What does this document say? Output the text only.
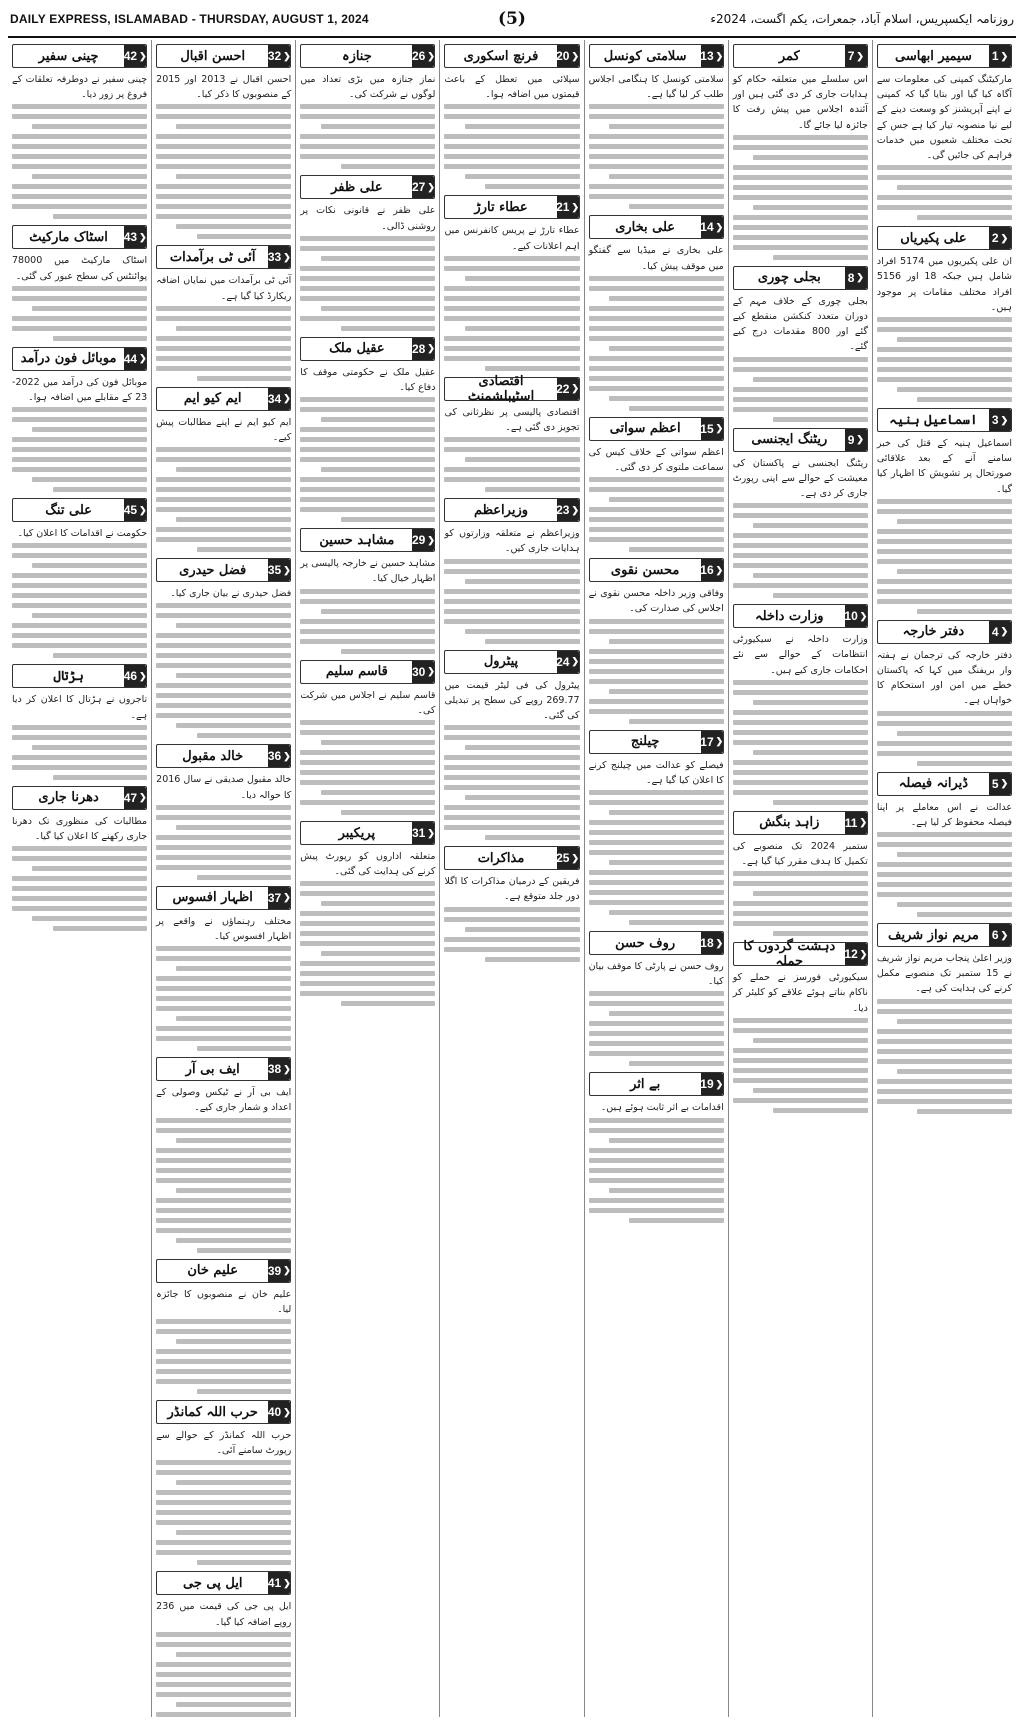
DAILY EXPRESS, ISLAMABAD - THURSDAY, AUGUST 1, 2024	(5)	روزنامہ ایکسپریس، اسلام آباد، جمعرات، یکم اگست، 2024ء
1 ❯
سیمیر ابھاسی

مارکیٹنگ کمپنی کی معلومات سے آگاہ کیا گیا اور بتایا گیا کہ کمپنی نے اپنے آپریشنز کو وسعت دینے کے لیے نیا منصوبہ تیار کیا ہے جس کے تحت مختلف شعبوں میں خدمات فراہم کی جائیں گی۔

2 ❯
علی پکیریاں

ان علی پکیریوں میں 5174 افراد شامل ہیں جبکہ 18 اور 5156 افراد مختلف مقامات پر موجود ہیں۔

3 ❯
اسماعیل ہنیہ

اسماعیل ہنیہ کے قتل کی خبر سامنے آنے کے بعد علاقائی صورتحال پر تشویش کا اظہار کیا گیا۔

4 ❯
دفتر خارجہ

دفتر خارجہ کی ترجمان نے ہفتہ وار بریفنگ میں کہا کہ پاکستان خطے میں امن اور استحکام کا خواہاں ہے۔

5 ❯
ڈیرانہ فیصلہ

عدالت نے اس معاملے پر اپنا فیصلہ محفوظ کر لیا ہے۔

6 ❯
مریم نواز شریف

وزیر اعلیٰ پنجاب مریم نواز شریف نے 15 ستمبر تک منصوبے مکمل کرنے کی ہدایت کی ہے۔

7 ❯
کمر

اس سلسلے میں متعلقہ حکام کو ہدایات جاری کر دی گئی ہیں اور آئندہ اجلاس میں پیش رفت کا جائزہ لیا جائے گا۔

8 ❯
بجلی چوری

بجلی چوری کے خلاف مہم کے دوران متعدد کنکشن منقطع کیے گئے اور 800 مقدمات درج کیے گئے۔

9 ❯
ریٹنگ ایجنسی

ریٹنگ ایجنسی نے پاکستان کی معیشت کے حوالے سے اپنی رپورٹ جاری کر دی ہے۔

10 ❯
وزارت داخلہ

وزارت داخلہ نے سیکیورٹی انتظامات کے حوالے سے نئے احکامات جاری کیے ہیں۔

11 ❯
زاہد بنگش

ستمبر 2024 تک منصوبے کی تکمیل کا ہدف مقرر کیا گیا ہے۔

12 ❯
دہشت گردوں کا حملہ

سیکیورٹی فورسز نے حملے کو ناکام بناتے ہوئے علاقے کو کلیئر کر دیا۔

13 ❯
سلامتی کونسل

سلامتی کونسل کا ہنگامی اجلاس طلب کر لیا گیا ہے۔

14 ❯
علی بخاری

علی بخاری نے میڈیا سے گفتگو میں موقف پیش کیا۔

15 ❯
اعظم سواتی

اعظم سواتی کے خلاف کیس کی سماعت ملتوی کر دی گئی۔

16 ❯
محسن نقوی

وفاقی وزیر داخلہ محسن نقوی نے اجلاس کی صدارت کی۔

17 ❯
چیلنج

فیصلے کو عدالت میں چیلنج کرنے کا اعلان کیا گیا ہے۔

18 ❯
روف حسن

روف حسن نے پارٹی کا موقف بیان کیا۔

19 ❯
بے اثر

اقدامات بے اثر ثابت ہوئے ہیں۔

20 ❯
فرنچ اسکوری

سپلائی میں تعطل کے باعث قیمتوں میں اضافہ ہوا۔

21 ❯
عطاء تارڑ

عطاء تارڑ نے پریس کانفرنس میں اہم اعلانات کیے۔

22 ❯
اقتصادی اسٹیبلشمنٹ

اقتصادی پالیسی پر نظرثانی کی تجویز دی گئی ہے۔

23 ❯
وزیراعظم

وزیراعظم نے متعلقہ وزارتوں کو ہدایات جاری کیں۔

24 ❯
پیٹرول

پیٹرول کی فی لیٹر قیمت میں 269.77 روپے کی سطح پر تبدیلی کی گئی۔

25 ❯
مذاکرات

فریقین کے درمیان مذاکرات کا اگلا دور جلد متوقع ہے۔

26 ❯
جنازہ

نماز جنازہ میں بڑی تعداد میں لوگوں نے شرکت کی۔

27 ❯
علی ظفر

علی ظفر نے قانونی نکات پر روشنی ڈالی۔

28 ❯
عقیل ملک

عقیل ملک نے حکومتی موقف کا دفاع کیا۔

29 ❯
مشاہد حسین

مشاہد حسین نے خارجہ پالیسی پر اظہار خیال کیا۔

30 ❯
قاسم سلیم

قاسم سلیم نے اجلاس میں شرکت کی۔

31 ❯
پریکیبر

متعلقہ اداروں کو رپورٹ پیش کرنے کی ہدایت کی گئی۔

32 ❯
احسن اقبال

احسن اقبال نے 2013 اور 2015 کے منصوبوں کا ذکر کیا۔

33 ❯
آئی ٹی برآمدات

آئی ٹی برآمدات میں نمایاں اضافہ ریکارڈ کیا گیا ہے۔

34 ❯
ایم کیو ایم

ایم کیو ایم نے اپنے مطالبات پیش کیے۔

35 ❯
فضل حیدری

فضل حیدری نے بیان جاری کیا۔

36 ❯
خالد مقبول

خالد مقبول صدیقی نے سال 2016 کا حوالہ دیا۔

37 ❯
اظہار افسوس

مختلف رہنماؤں نے واقعے پر اظہار افسوس کیا۔

38 ❯
ایف بی آر

ایف بی آر نے ٹیکس وصولی کے اعداد و شمار جاری کیے۔

39 ❯
علیم خان

علیم خان نے منصوبوں کا جائزہ لیا۔

40 ❯
حرب اللہ کمانڈر

حرب اللہ کمانڈر کے حوالے سے رپورٹ سامنے آئی۔

41 ❯
ایل پی جی

ایل پی جی کی قیمت میں 236 روپے اضافہ کیا گیا۔

42 ❯
چینی سفیر

چینی سفیر نے دوطرفہ تعلقات کے فروغ پر زور دیا۔

43 ❯
اسٹاک مارکیٹ

اسٹاک مارکیٹ میں 78000 پوائنٹس کی سطح عبور کی گئی۔

44 ❯
موبائل فون درآمد

موبائل فون کی درآمد میں 2022-23 کے مقابلے میں اضافہ ہوا۔

45 ❯
علی تنگ

حکومت نے اقدامات کا اعلان کیا۔

46 ❯
ہڑتال

تاجروں نے ہڑتال کا اعلان کر دیا ہے۔

47 ❯
دھرنا جاری

مطالبات کی منظوری تک دھرنا جاری رکھنے کا اعلان کیا گیا۔
